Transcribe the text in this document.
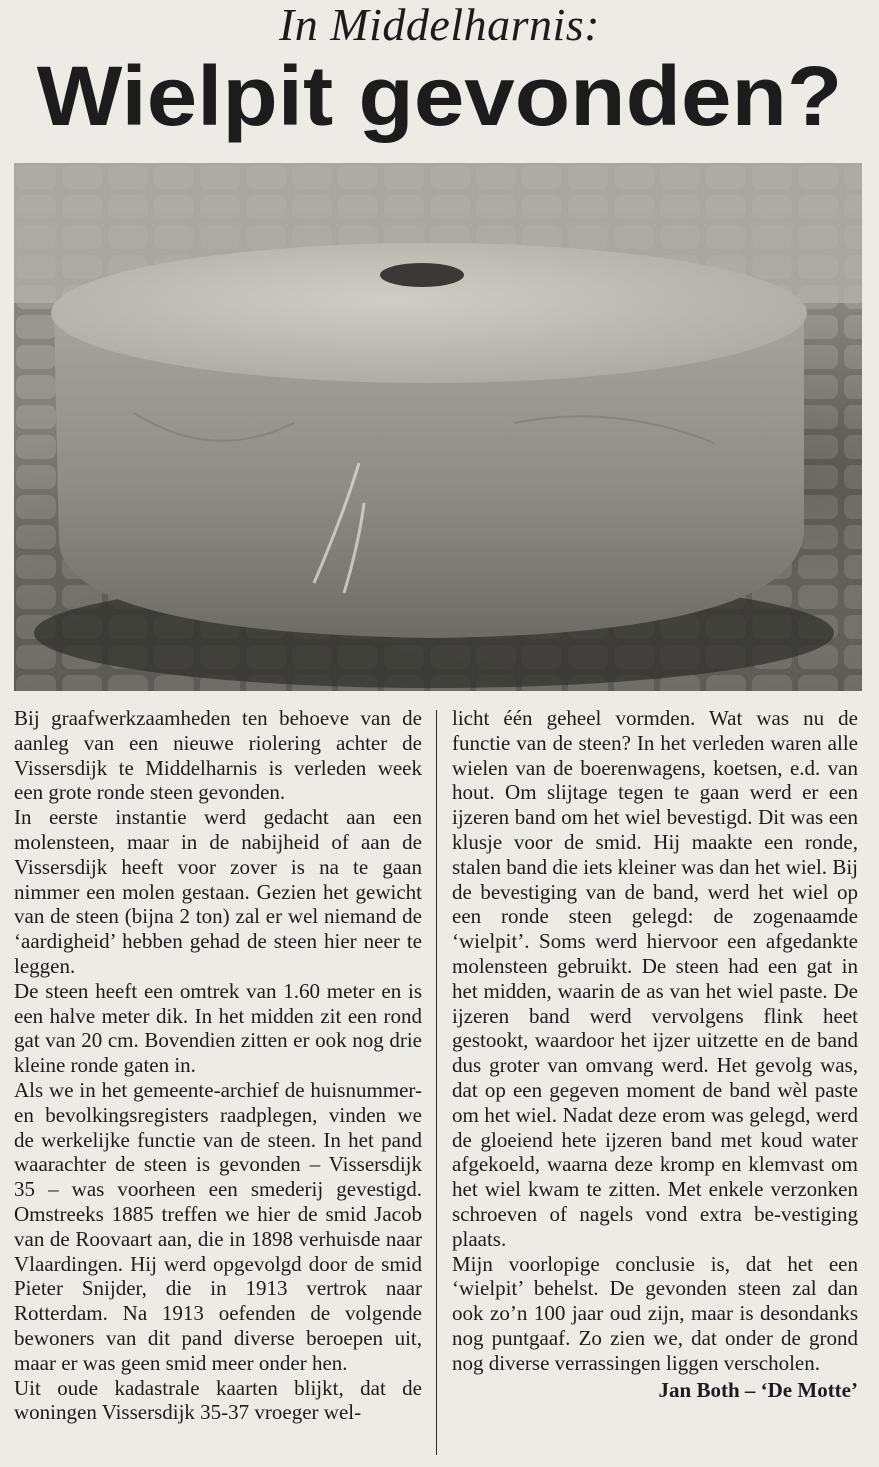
In Middelharnis:
Wielpit gevonden?

Bij graafwerkzaamheden ten behoeve van de aanleg van een nieuwe riolering achter de Vissersdijk te Middelharnis is verleden week een grote ronde steen gevonden.

In eerste instantie werd gedacht aan een molensteen, maar in de nabijheid of aan de Vissersdijk heeft voor zover is na te gaan nimmer een molen gestaan. Gezien het gewicht van de steen (bijna 2 ton) zal er wel niemand de ‘aardigheid’ hebben gehad de steen hier neer te leggen.

De steen heeft een omtrek van 1.60 meter en is een halve meter dik. In het midden zit een rond gat van 20 cm. Bovendien zitten er ook nog drie kleine ronde gaten in.

Als we in het gemeente-archief de huisnummer- en bevolkingsregisters raadplegen, vinden we de werkelijke functie van de steen. In het pand waarachter de steen is gevonden – Vissersdijk 35 – was voorheen een smederij gevestigd. Omstreeks 1885 treffen we hier de smid Jacob van de Roovaart aan, die in 1898 verhuisde naar Vlaardingen. Hij werd opgevolgd door de smid Pieter Snijder, die in 1913 vertrok naar Rotterdam. Na 1913 oefenden de volgende bewoners van dit pand diverse beroepen uit, maar er was geen smid meer onder hen.

Uit oude kadastrale kaarten blijkt, dat de woningen Vissersdijk 35-37 vroeger wel-

licht één geheel vormden. Wat was nu de functie van de steen? In het verleden waren alle wielen van de boerenwagens, koetsen, e.d. van hout. Om slijtage tegen te gaan werd er een ijzeren band om het wiel bevestigd. Dit was een klusje voor de smid. Hij maakte een ronde, stalen band die iets kleiner was dan het wiel. Bij de bevestiging van de band, werd het wiel op een ronde steen gelegd: de zogenaamde ‘wielpit’. Soms werd hiervoor een afgedankte molensteen gebruikt. De steen had een gat in het midden, waarin de as van het wiel paste. De ijzeren band werd vervolgens flink heet gestookt, waardoor het ijzer uitzette en de band dus groter van omvang werd. Het gevolg was, dat op een gegeven moment de band wèl paste om het wiel. Nadat deze erom was gelegd, werd de gloeiend hete ijzeren band met koud water afgekoeld, waarna deze kromp en klemvast om het wiel kwam te zitten. Met enkele verzonken schroeven of nagels vond extra be-vestiging plaats.

Mijn voorlopige conclusie is, dat het een ‘wielpit’ behelst. De gevonden steen zal dan ook zo’n 100 jaar oud zijn, maar is desondanks nog puntgaaf. Zo zien we, dat onder de grond nog diverse verrassingen liggen verscholen.

Jan Both – ‘De Motte’
